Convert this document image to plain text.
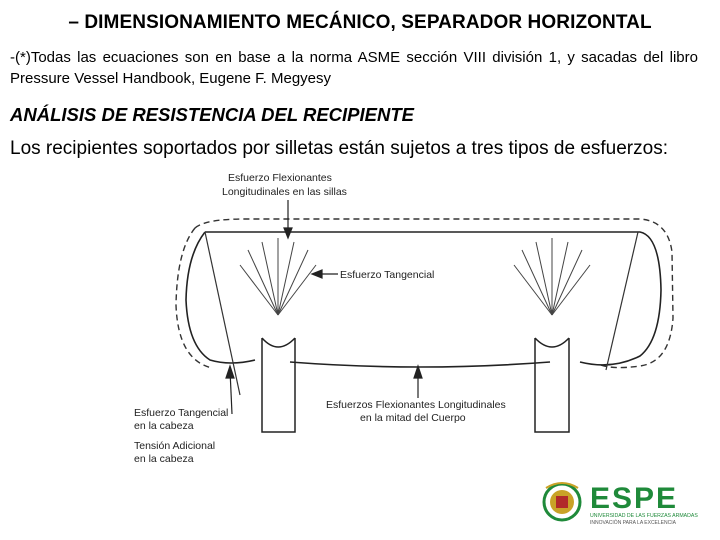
– DIMENSIONAMIENTO MECÁNICO, SEPARADOR HORIZONTAL
-(*)Todas las ecuaciones son en base a la norma ASME sección VIII división 1, y sacadas del libro Pressure Vessel Handbook, Eugene F. Megyesy
ANÁLISIS DE RESISTENCIA DEL RECIPIENTE
Los recipientes soportados por silletas están sujetos a tres tipos de esfuerzos:
Esfuerzo Flexionantes
Longitudinales en las sillas
Esfuerzo Tangencial
Esfuerzos Flexionantes Longitudinales
en la mitad del Cuerpo
Esfuerzo Tangencial
en la cabeza
Tensión Adicional
en la cabeza
ESPE
UNIVERSIDAD DE LAS FUERZAS ARMADAS
INNOVACIÓN PARA LA EXCELENCIA
